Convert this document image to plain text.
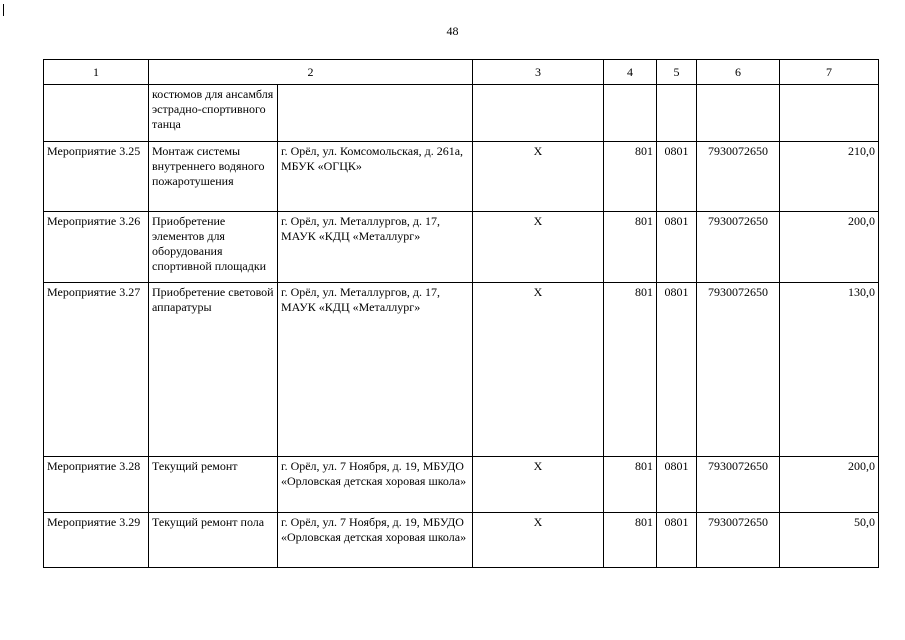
48
1	2		3	4	5	6	7
	костюмов для ансамбля эстрадно-спортивного танца						
Мероприятие 3.25	Монтаж системы внутреннего водяного пожаротушения	г. Орёл, ул. Комсомольская, д. 261а, МБУК «ОГЦК»	Х	801	0801	7930072650	210,0
Мероприятие 3.26	Приобретение элементов для оборудования спортивной площадки	г. Орёл, ул. Металлургов, д. 17, МАУК «КДЦ «Металлург»	Х	801	0801	7930072650	200,0
Мероприятие 3.27	Приобретение световой аппаратуры	г. Орёл, ул. Металлургов, д. 17, МАУК «КДЦ «Металлург»	Х	801	0801	7930072650	130,0
Мероприятие 3.28	Текущий ремонт	г. Орёл, ул. 7 Ноября, д. 19, МБУДО «Орловская детская хоровая школа»	Х	801	0801	7930072650	200,0
Мероприятие 3.29	Текущий ремонт пола	г. Орёл, ул. 7 Ноября, д. 19, МБУДО «Орловская детская хоровая школа»	Х	801	0801	7930072650	50,0
